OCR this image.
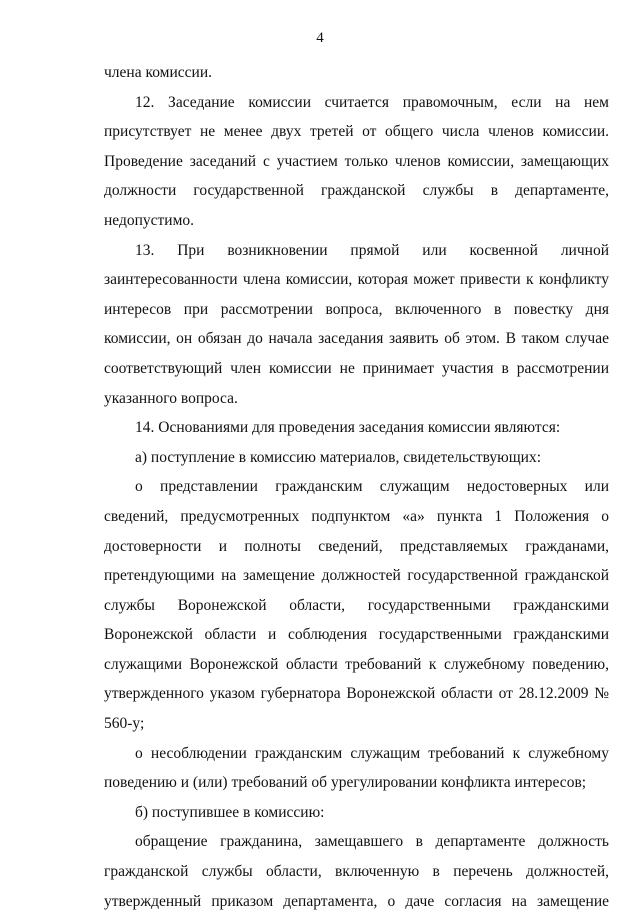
4
члена комиссии.
12. Заседание комиссии считается правомочным, если на нем
присутствует не менее двух третей от общего числа членов комиссии.
Проведение заседаний с участием только членов комиссии, замещающих
должности государственной гражданской службы в департаменте,
недопустимо.
13. При возникновении прямой или косвенной личной
заинтересованности члена комиссии, которая может привести к конфликту
интересов при рассмотрении вопроса, включенного в повестку дня
комиссии, он обязан до начала заседания заявить об этом. В таком случае
соответствующий член комиссии не принимает участия в рассмотрении
указанного вопроса.
14. Основаниями для проведения заседания комиссии являются:
а) поступление в комиссию материалов, свидетельствующих:
о представлении гражданским служащим недостоверных или
сведений, предусмотренных подпунктом «а» пункта 1 Положения о
достоверности и полноты сведений, представляемых гражданами,
претендующими на замещение должностей государственной гражданской
службы Воронежской области, государственными гражданскими
Воронежской области и соблюдения государственными гражданскими
служащими Воронежской области требований к служебному поведению,
утвержденного указом губернатора Воронежской области от 28.12.2009 №
560-у;
о несоблюдении гражданским служащим требований к служебному
поведению и (или) требований об урегулировании конфликта интересов;
б) поступившее в комиссию:
обращение гражданина, замещавшего в департаменте должность
гражданской службы области, включенную в перечень должностей,
утвержденный приказом департамента, о даче согласия на замещение
